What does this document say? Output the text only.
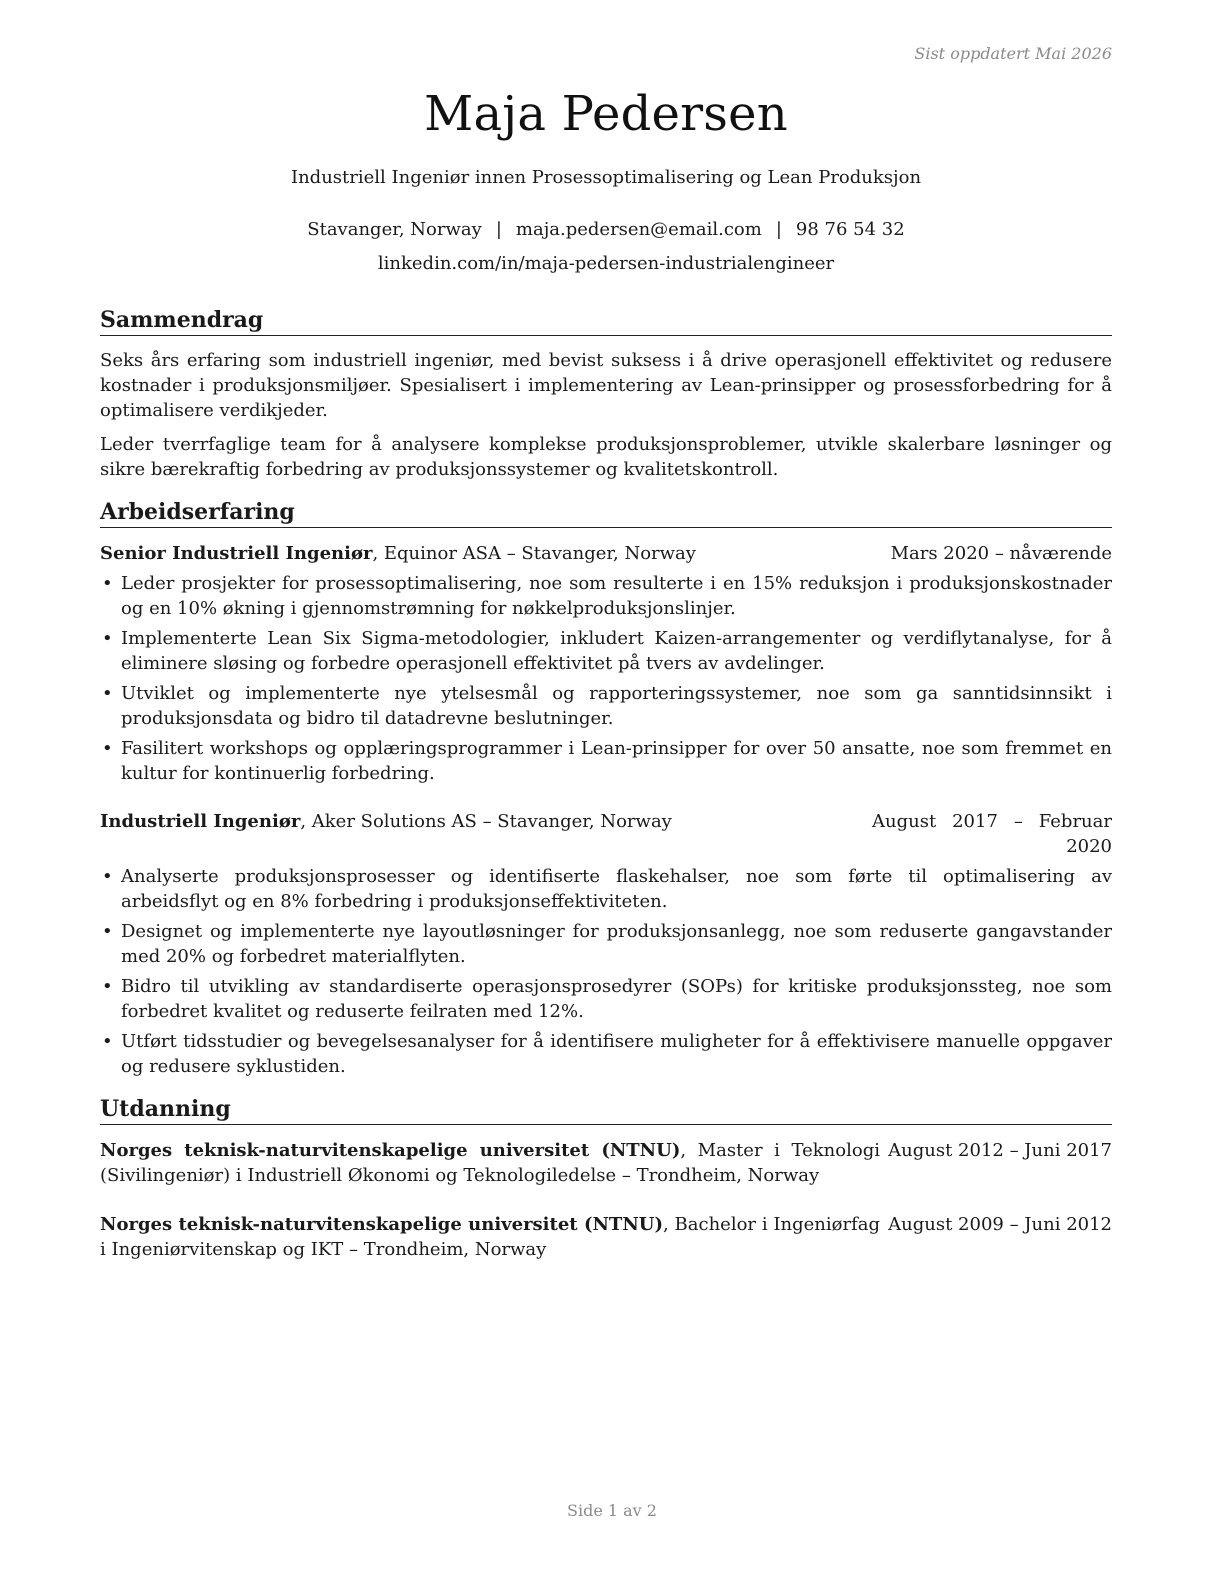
Sist oppdatert Mai 2026
Maja Pedersen
Industriell Ingeniør innen Prosessoptimalisering og Lean Produksjon
Stavanger, Norway | maja.pedersen@email.com | 98 76 54 32
linkedin.com/in/maja-pedersen-industrialengineer
Sammendrag
Seks års erfaring som industriell ingeniør, med bevist suksess i å drive operasjonell effektivitet og redusere kostnader i produksjonsmiljøer. Spesialisert i implementering av Lean-prinsipper og prosessforbedring for å optimalisere verdikjeder.
Leder tverrfaglige team for å analysere komplekse produksjonsproblemer, utvikle skalerbare løsninger og sikre bærekraftig forbedring av produksjonssystemer og kvalitetskontroll.
Arbeidserfaring
Senior Industriell Ingeniør, Equinor ASA – Stavanger, Norway	Mars 2020 – nåværende
• Leder prosjekter for prosessoptimalisering, noe som resulterte i en 15% reduksjon i produksjonskostnader og en 10% økning i gjennomstrømning for nøkkelproduksjonslinjer.
• Implementerte Lean Six Sigma-metodologier, inkludert Kaizen-arrangementer og verdiflytanalyse, for å eliminere sløsing og forbedre operasjonell effektivitet på tvers av avdelinger.
• Utviklet og implementerte nye ytelsesmål og rapporteringssystemer, noe som ga sanntidsinnsikt i produksjonsdata og bidro til datadrevne beslutninger.
• Fasilitert workshops og opplæringsprogrammer i Lean-prinsipper for over 50 ansatte, noe som fremmet en kultur for kontinuerlig forbedring.
Industriell Ingeniør, Aker Solutions AS – Stavanger, Norway	August 2017 – Februar 2020
• Analyserte produksjonsprosesser og identifiserte flaskehalser, noe som førte til optimalisering av arbeidsflyt og en 8% forbedring i produksjonseffektiviteten.
• Designet og implementerte nye layoutløsninger for produksjonsanlegg, noe som reduserte gangavstander med 20% og forbedret materialflyten.
• Bidro til utvikling av standardiserte operasjonsprosedyrer (SOPs) for kritiske produksjonssteg, noe som forbedret kvalitet og reduserte feilraten med 12%.
• Utført tidsstudier og bevegelsesanalyser for å identifisere muligheter for å effektivisere manuelle oppgaver og redusere syklustiden.
Utdanning
Norges teknisk-naturvitenskapelige universitet (NTNU), Master i Teknologi (Sivilingeniør) i Industriell Økonomi og Teknologiledelse – Trondheim, Norway
August 2012 – Juni 2017
Norges teknisk-naturvitenskapelige universitet (NTNU), Bachelor i Ingeniørfag i Ingeniørvitenskap og IKT – Trondheim, Norway
August 2009 – Juni 2012
Side 1 av 2
